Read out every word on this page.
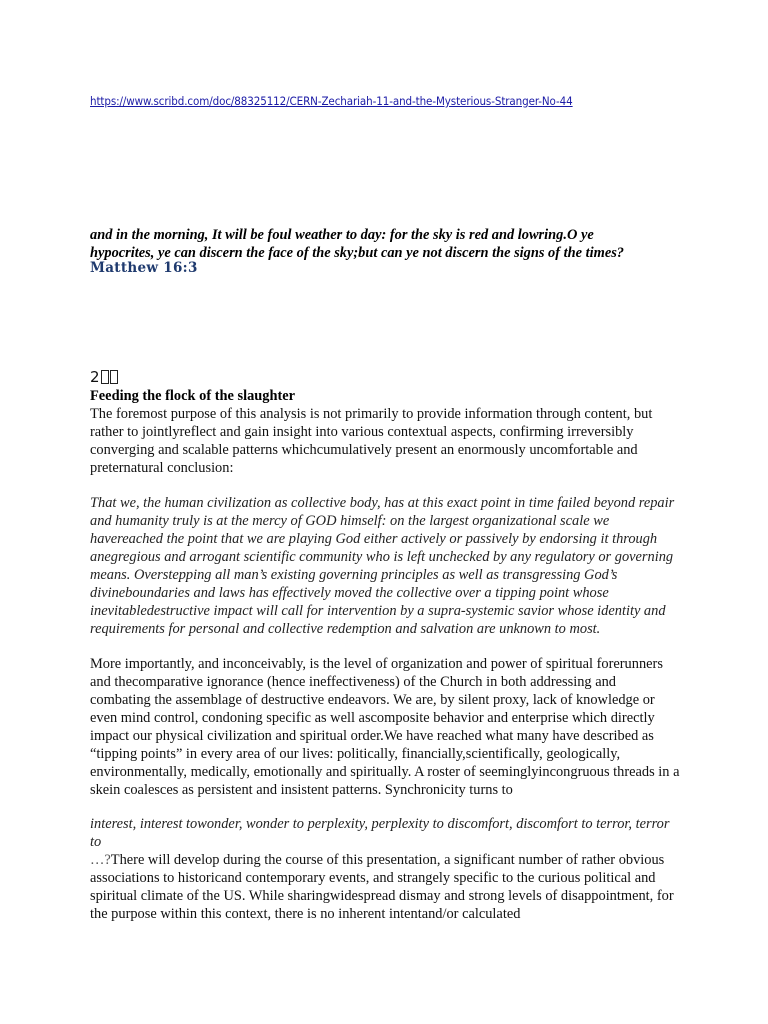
https://www.scribd.com/doc/88325112/CERN-Zechariah-11-and-the-Mysterious-Stranger-No-44
and in the morning, It will be foul weather to day: for the sky is red and lowring.O ye hypocrites, ye can discern the face of the sky;but can ye not discern the signs of the times?
Matthew 16:3
2
Feeding the flock of the slaughter
The foremost purpose of this analysis is not primarily to provide information through content, but rather to jointlyreflect and gain insight into various contextual aspects, confirming irreversibly converging and scalable patterns whichcumulatively present an enormously uncomfortable and preternatural conclusion:
That we, the human civilization as collective body, has at this exact point in time failed beyond repair and humanity truly is at the mercy of GOD himself: on the largest organizational scale we havereached the point that we are playing God either actively or passively by endorsing it through anegregious and arrogant scientific community who is left unchecked by any regulatory or governing means. Overstepping all man’s existing governing principles as well as transgressing God’s divineboundaries and laws has effectively moved the collective over a tipping point whose inevitabledestructive impact will call for intervention by a supra-systemic savior whose identity and requirements for personal and collective redemption and salvation are unknown to most.
More importantly, and inconceivably, is the level of organization and power of spiritual forerunners and thecomparative ignorance (hence ineffectiveness) of the Church in both addressing and combating the assemblage of destructive endeavors. We are, by silent proxy, lack of knowledge or even mind control, condoning specific as well ascomposite behavior and enterprise which directly impact our physical civilization and spiritual order.We have reached what many have described as “tipping points” in every area of our lives: politically, financially,scientifically, geologically, environmentally, medically, emotionally and spiritually. A roster of seeminglyincongruous threads in a skein coalesces as persistent and insistent patterns. Synchronicity turns to
interest, interest towonder, wonder to perplexity, perplexity to discomfort, discomfort to terror, terror to
…?There will develop during the course of this presentation, a significant number of rather obvious associations to historicand contemporary events, and strangely specific to the curious political and spiritual climate of the US. While sharingwidespread dismay and strong levels of disappointment, for the purpose within this context, there is no inherent intentand/or calculated
